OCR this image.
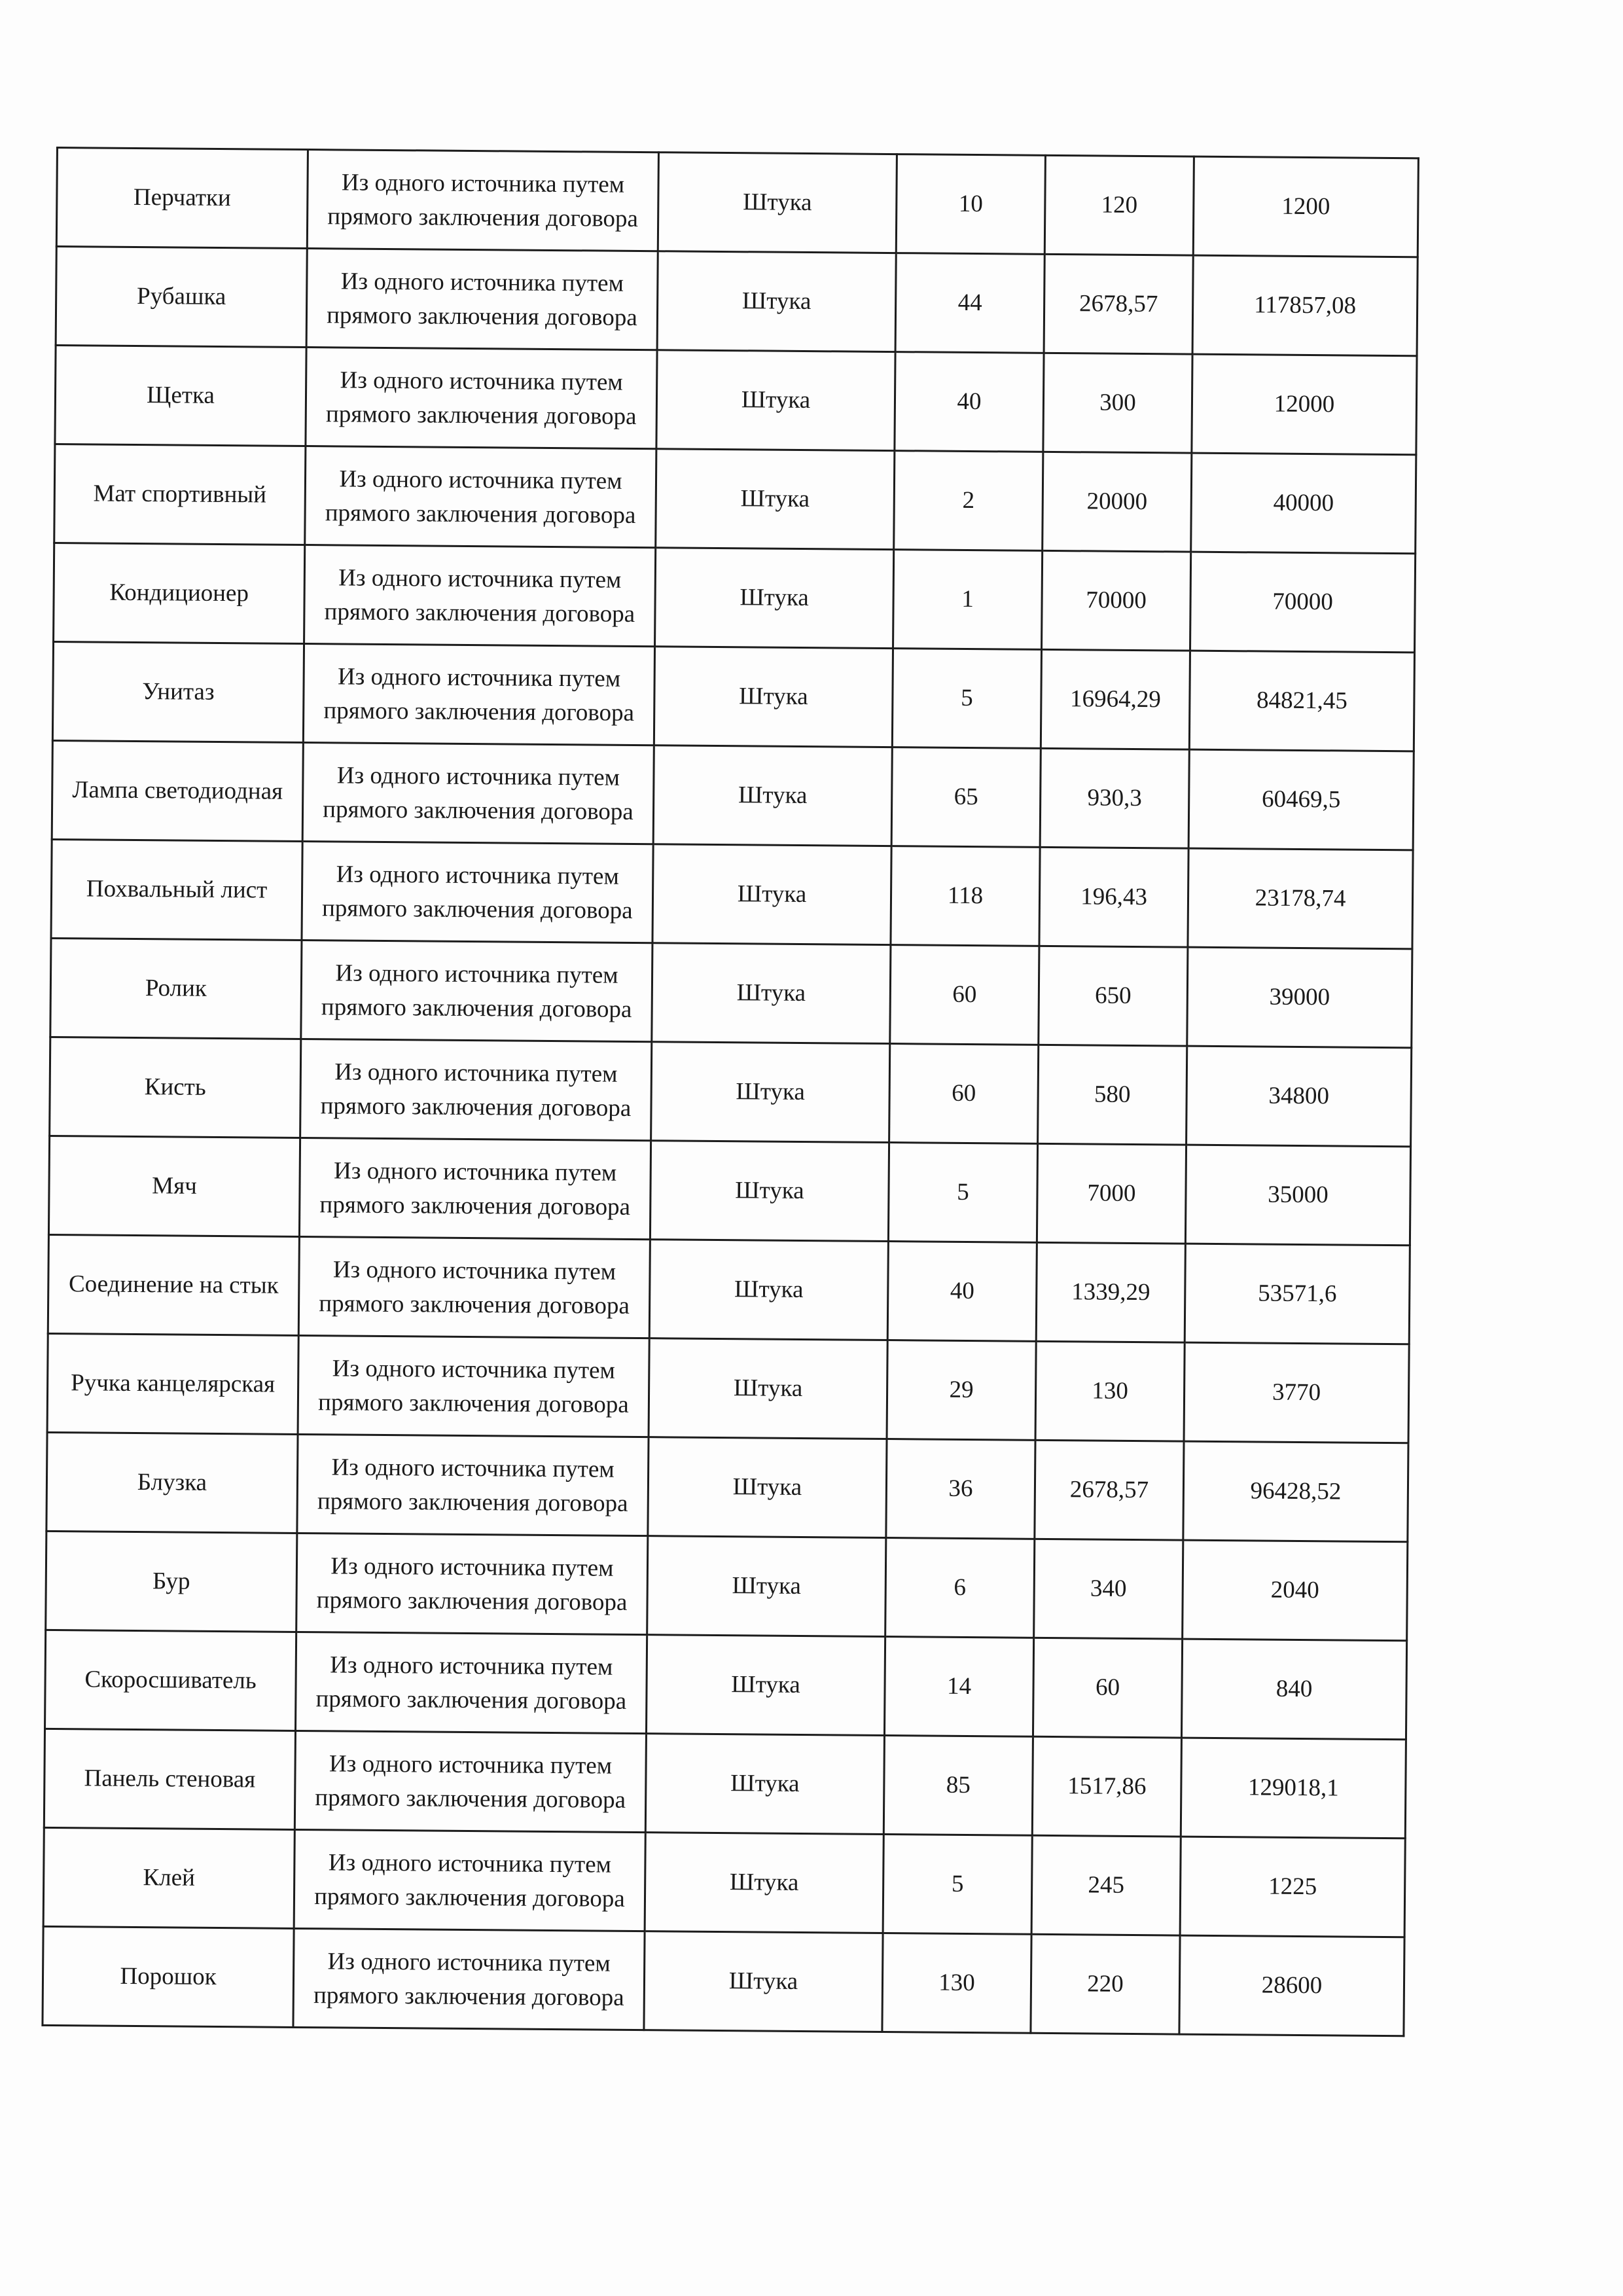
Перчатки	Из одного источника путем прямого заключения договора	Штука	10	120	1200
Рубашка	Из одного источника путем прямого заключения договора	Штука	44	2678,57	117857,08
Щетка	Из одного источника путем прямого заключения договора	Штука	40	300	12000
Мат спортивный	Из одного источника путем прямого заключения договора	Штука	2	20000	40000
Кондиционер	Из одного источника путем прямого заключения договора	Штука	1	70000	70000
Унитаз	Из одного источника путем прямого заключения договора	Штука	5	16964,29	84821,45
Лампа светодиодная	Из одного источника путем прямого заключения договора	Штука	65	930,3	60469,5
Похвальный лист	Из одного источника путем прямого заключения договора	Штука	118	196,43	23178,74
Ролик	Из одного источника путем прямого заключения договора	Штука	60	650	39000
Кисть	Из одного источника путем прямого заключения договора	Штука	60	580	34800
Мяч	Из одного источника путем прямого заключения договора	Штука	5	7000	35000
Соединение на стык	Из одного источника путем прямого заключения договора	Штука	40	1339,29	53571,6
Ручка канцелярская	Из одного источника путем прямого заключения договора	Штука	29	130	3770
Блузка	Из одного источника путем прямого заключения договора	Штука	36	2678,57	96428,52
Бур	Из одного источника путем прямого заключения договора	Штука	6	340	2040
Скоросшиватель	Из одного источника путем прямого заключения договора	Штука	14	60	840
Панель стеновая	Из одного источника путем прямого заключения договора	Штука	85	1517,86	129018,1
Клей	Из одного источника путем прямого заключения договора	Штука	5	245	1225
Порошок	Из одного источника путем прямого заключения договора	Штука	130	220	28600
